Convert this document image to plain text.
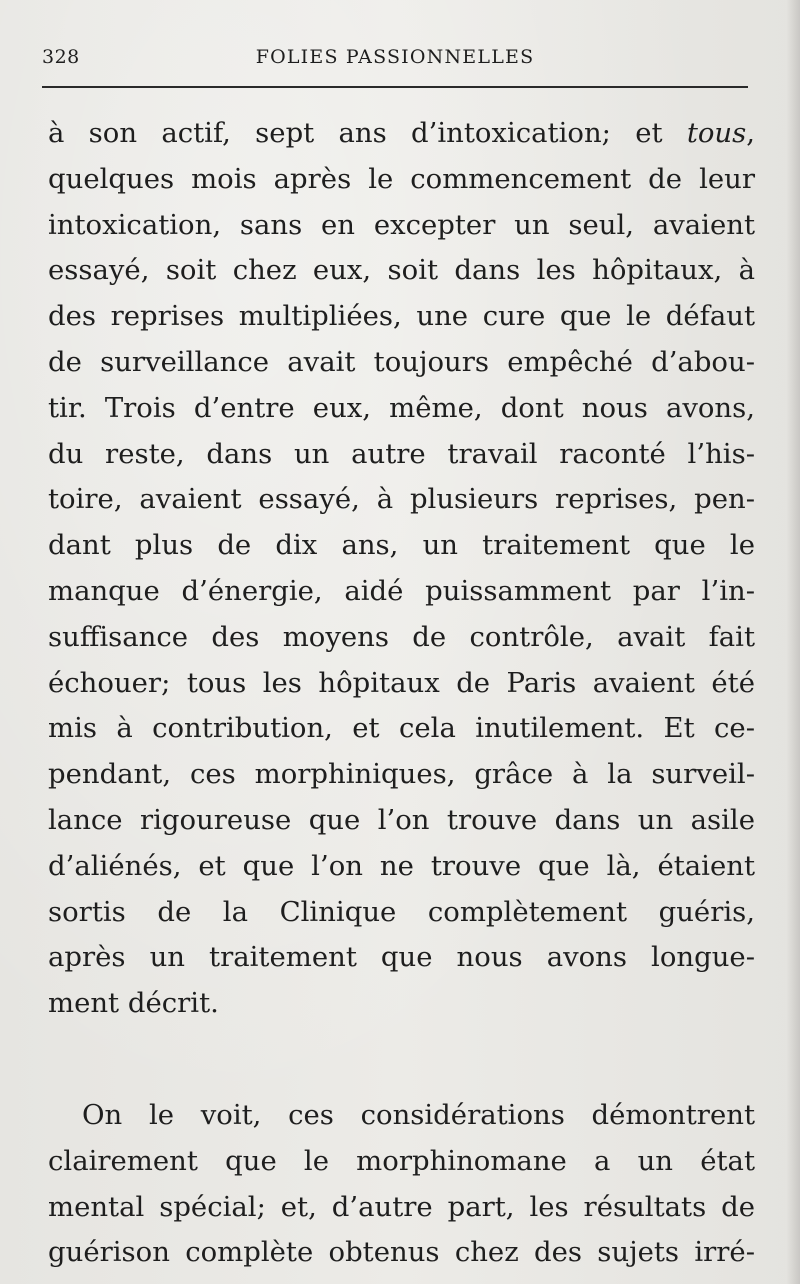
328	FOLIES PASSIONNELLES
à son actif, sept ans d’intoxication; et tous,
quelques mois après le commencement de leur
intoxication, sans en excepter un seul, avaient
essayé, soit chez eux, soit dans les hôpitaux, à
des reprises multipliées, une cure que le défaut
de surveillance avait toujours empêché d’abou-
tir. Trois d’entre eux, même, dont nous avons,
du reste, dans un autre travail raconté l’his-
toire, avaient essayé, à plusieurs reprises, pen-
dant plus de dix ans, un traitement que le
manque d’énergie, aidé puissamment par l’in-
suffisance des moyens de contrôle, avait fait
échouer; tous les hôpitaux de Paris avaient été
mis à contribution, et cela inutilement. Et ce-
pendant, ces morphiniques, grâce à la surveil-
lance rigoureuse que l’on trouve dans un asile
d’aliénés, et que l’on ne trouve que là, étaient
sortis de la Clinique complètement guéris,
après un traitement que nous avons longue-
ment décrit.
On le voit, ces considérations démontrent
clairement que le morphinomane a un état
mental spécial; et, d’autre part, les résultats de
guérison complète obtenus chez des sujets irré-
